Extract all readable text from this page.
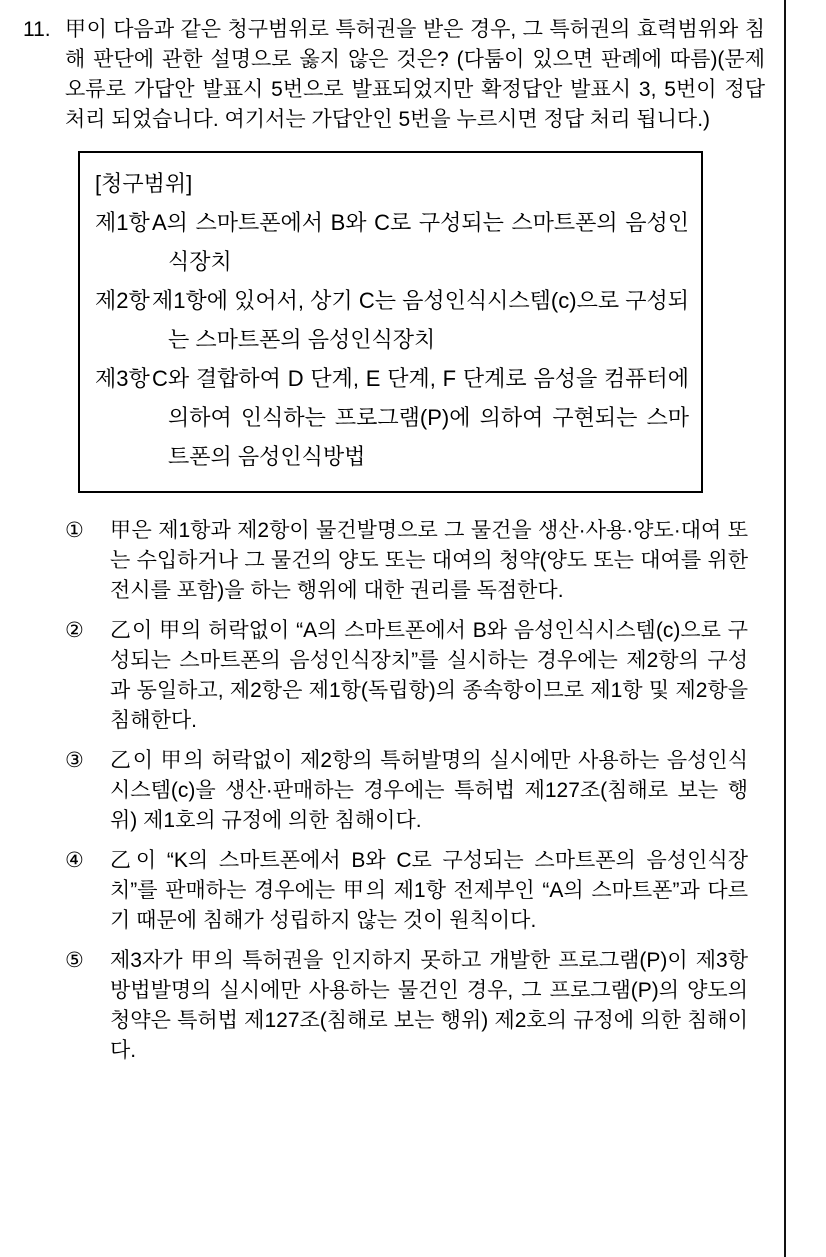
11. 甲이 다음과 같은 청구범위로 특허권을 받은 경우, 그 특허권의 효력범위와 침해 판단에 관한 설명으로 옳지 않은 것은? (다툼이 있으면 판례에 따름)(문제 오류로 가답안 발표시 5번으로 발표되었지만 확정답안 발표시 3, 5번이 정답처리 되었습니다. 여기서는 가답안인 5번을 누르시면 정답 처리 됩니다.)
[청구범위]
제1항 A의 스마트폰에서 B와 C로 구성되는 스마트폰의 음성인식장치
제2항 제1항에 있어서, 상기 C는 음성인식시스템(c)으로 구성되는 스마트폰의 음성인식장치
제3항 C와 결합하여 D 단계, E 단계, F 단계로 음성을 컴퓨터에 의하여 인식하는 프로그램(P)에 의하여 구현되는 스마트폰의 음성인식방법
①	甲은 제1항과 제2항이 물건발명으로 그 물건을 생산·사용·양도·대여 또는 수입하거나 그 물건의 양도 또는 대여의 청약(양도 또는 대여를 위한 전시를 포함)을 하는 행위에 대한 권리를 독점한다.
②	乙이 甲의 허락없이 “A의 스마트폰에서 B와 음성인식시스템(c)으로 구성되는 스마트폰의 음성인식장치”를 실시하는 경우에는 제2항의 구성과 동일하고, 제2항은 제1항(독립항)의 종속항이므로 제1항 및 제2항을 침해한다.
③	乙이 甲의 허락없이 제2항의 특허발명의 실시에만 사용하는 음성인식시스템(c)을 생산·판매하는 경우에는 특허법 제127조(침해로 보는 행위) 제1호의 규정에 의한 침해이다.
④	乙이 “K의 스마트폰에서 B와 C로 구성되는 스마트폰의 음성인식장치”를 판매하는 경우에는 甲의 제1항 전제부인 “A의 스마트폰”과 다르기 때문에 침해가 성립하지 않는 것이 원칙이다.
⑤	제3자가 甲의 특허권을 인지하지 못하고 개발한 프로그램(P)이 제3항 방법발명의 실시에만 사용하는 물건인 경우, 그 프로그램(P)의 양도의 청약은 특허법 제127조(침해로 보는 행위) 제2호의 규정에 의한 침해이다.
